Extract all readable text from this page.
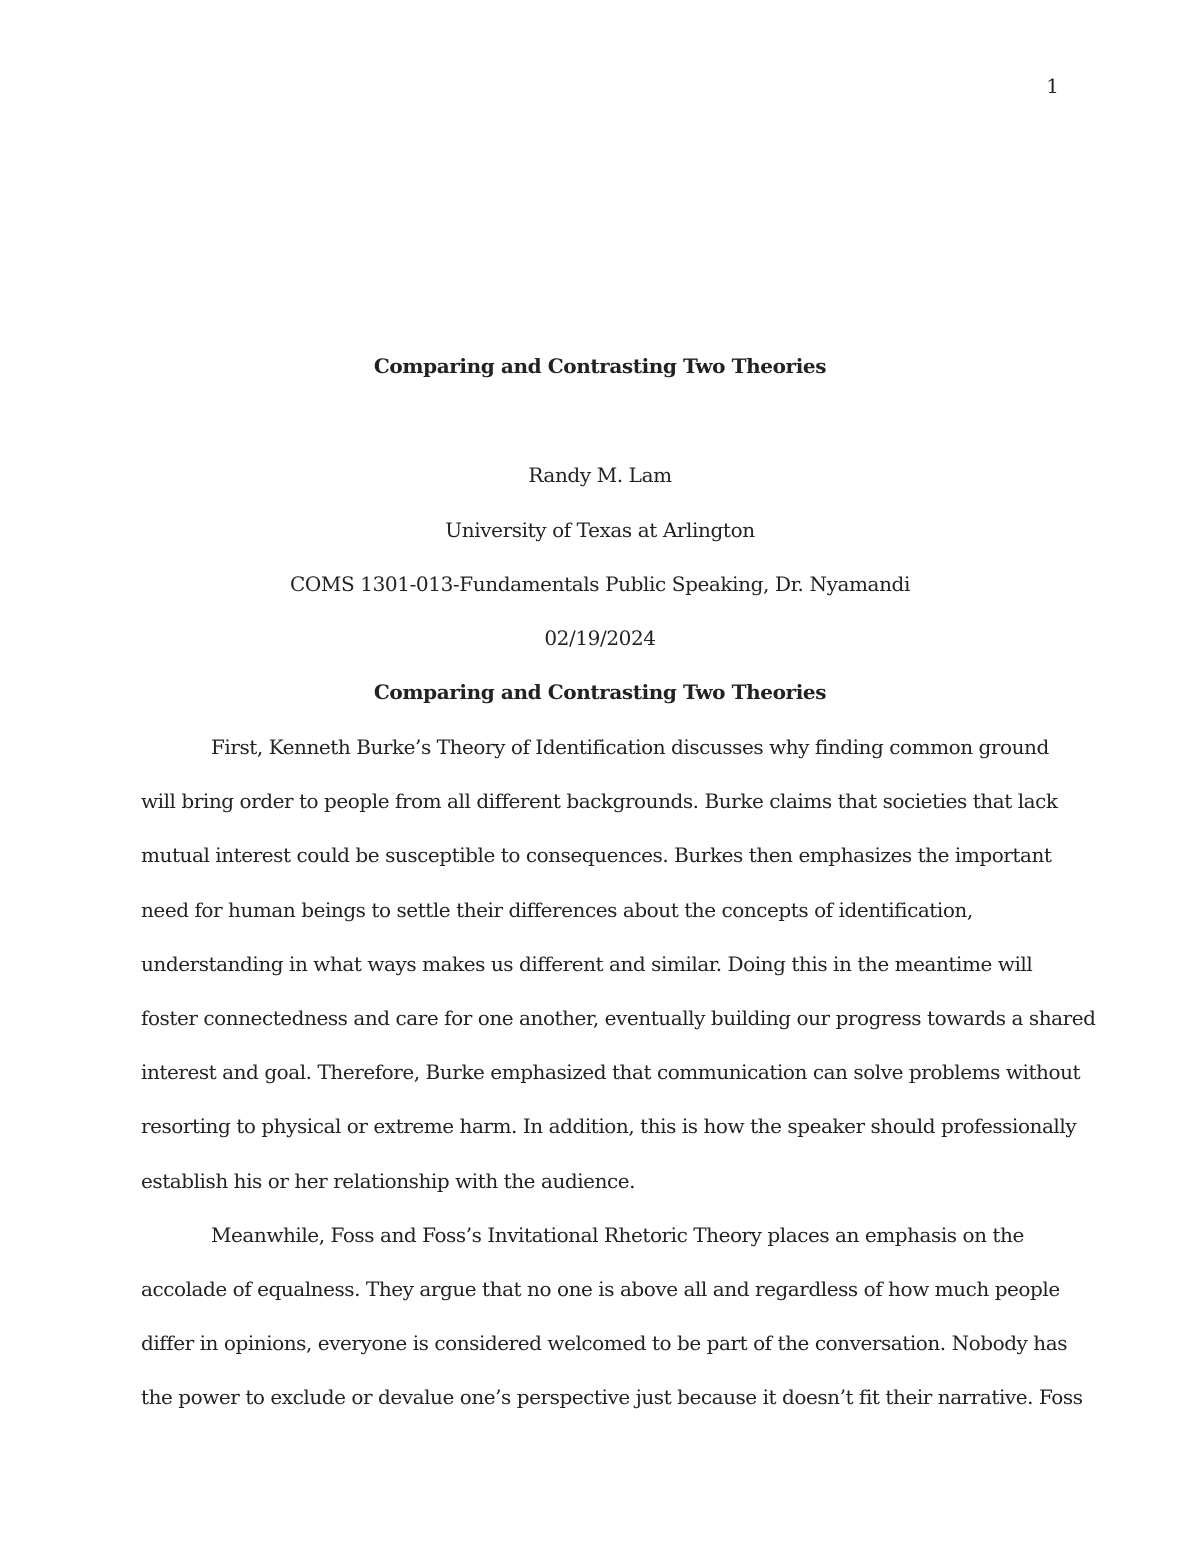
1
Comparing and Contrasting Two Theories
Randy M. Lam
University of Texas at Arlington
COMS 1301-013-Fundamentals Public Speaking, Dr. Nyamandi
02/19/2024
Comparing and Contrasting Two Theories
First, Kenneth Burke’s Theory of Identification discusses why finding common ground
will bring order to people from all different backgrounds. Burke claims that societies that lack
mutual interest could be susceptible to consequences. Burkes then emphasizes the important
need for human beings to settle their differences about the concepts of identification,
understanding in what ways makes us different and similar. Doing this in the meantime will
foster connectedness and care for one another, eventually building our progress towards a shared
interest and goal. Therefore, Burke emphasized that communication can solve problems without
resorting to physical or extreme harm. In addition, this is how the speaker should professionally
establish his or her relationship with the audience.
Meanwhile, Foss and Foss’s Invitational Rhetoric Theory places an emphasis on the
accolade of equalness. They argue that no one is above all and regardless of how much people
differ in opinions, everyone is considered welcomed to be part of the conversation. Nobody has
the power to exclude or devalue one’s perspective just because it doesn’t fit their narrative. Foss
